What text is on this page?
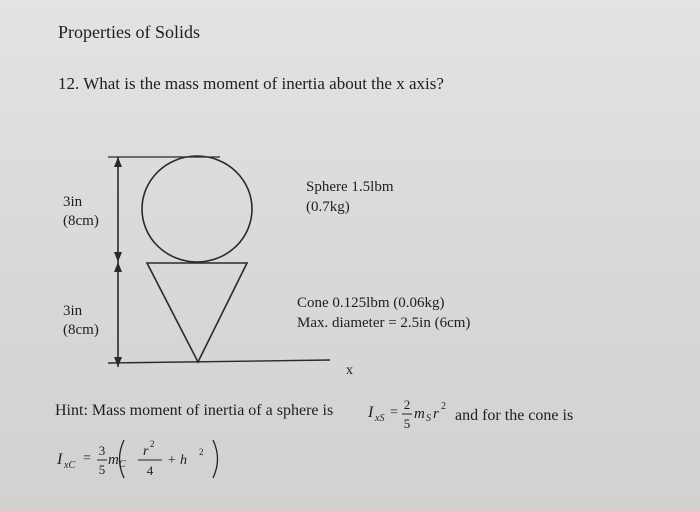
Properties of Solids
12. What is the mass moment of inertia about the x axis?
3in
(8cm)
3in
(8cm)
Sphere 1.5lbm
(0.7kg)
Cone 0.125lbm (0.06kg)
Max. diameter = 2.5in (6cm)
x
Hint: Mass moment of inertia of a sphere is I xS =
2
5
m S r 2
and for the cone is
I xC =
3
5
m C
r 2
4
+ h
2
